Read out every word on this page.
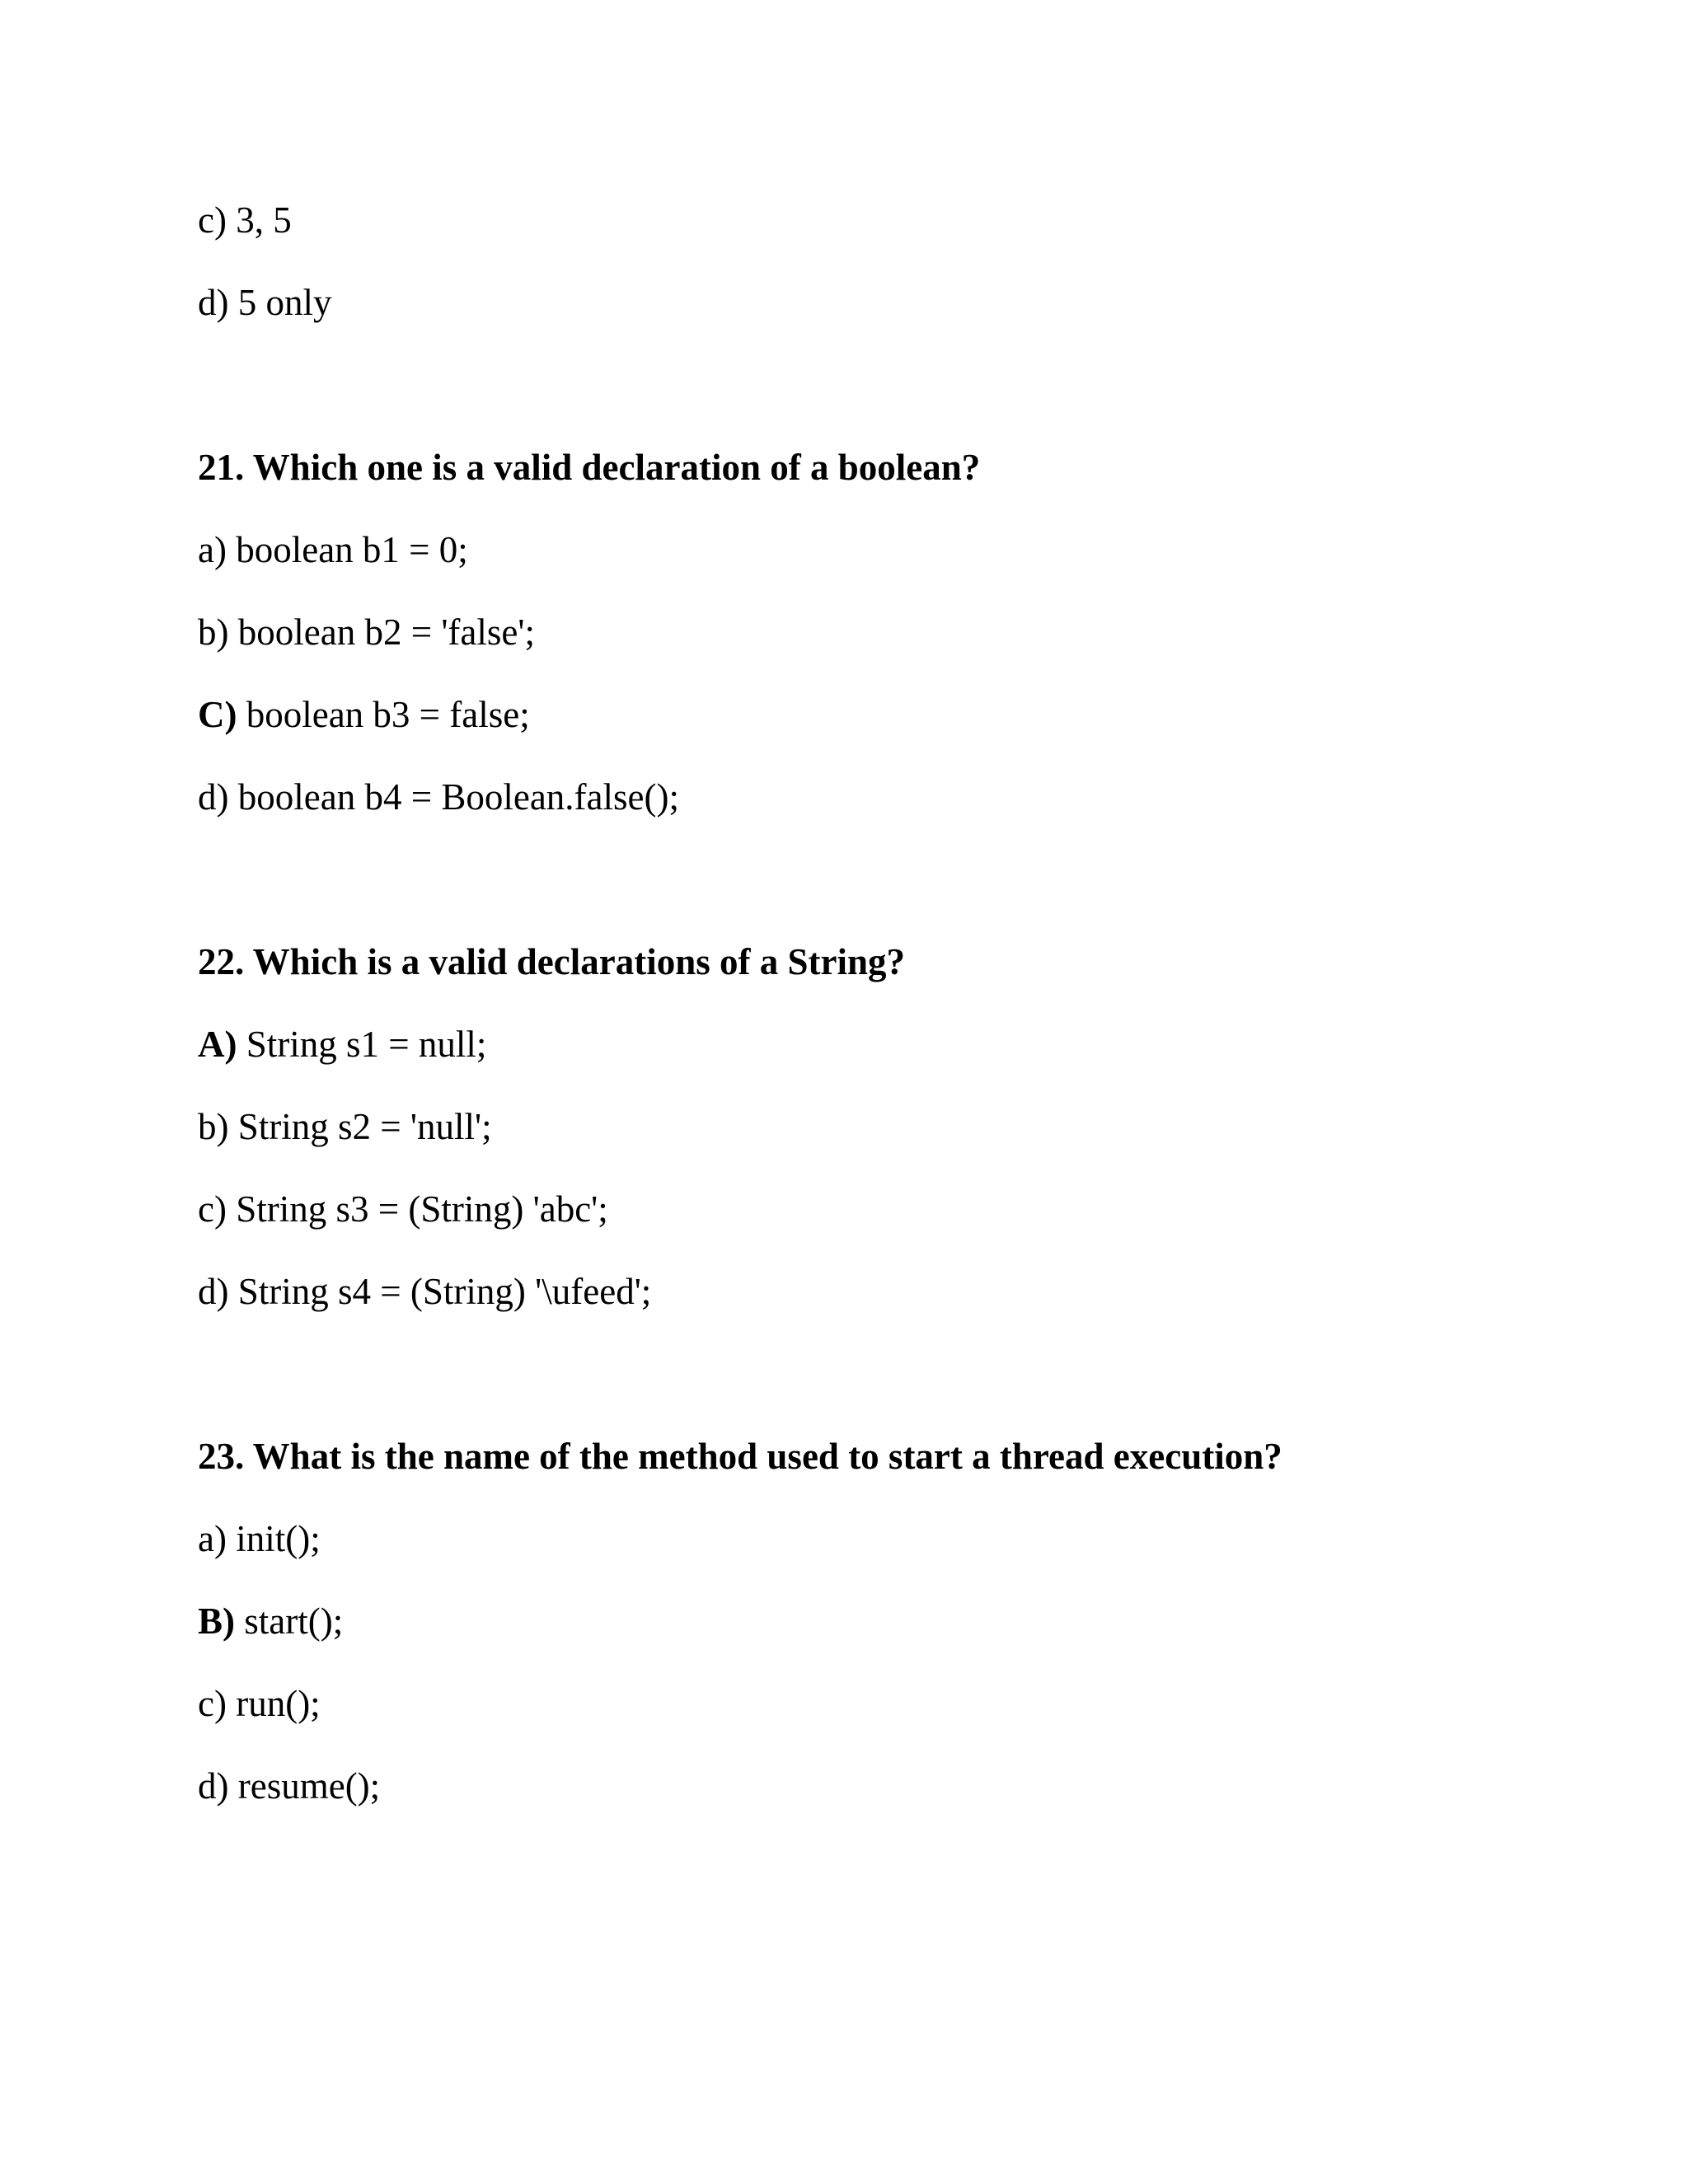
c) 3, 5
d) 5 only
21. Which one is a valid declaration of a boolean?
a) boolean b1 = 0;
b) boolean b2 = 'false';
C) boolean b3 = false;
d) boolean b4 = Boolean.false();
22. Which is a valid declarations of a String?
A) String s1 = null;
b) String s2 = 'null';
c) String s3 = (String) 'abc';
d) String s4 = (String) '\ufeed';
23. What is the name of the method used to start a thread execution?
a) init();
B) start();
c) run();
d) resume();
